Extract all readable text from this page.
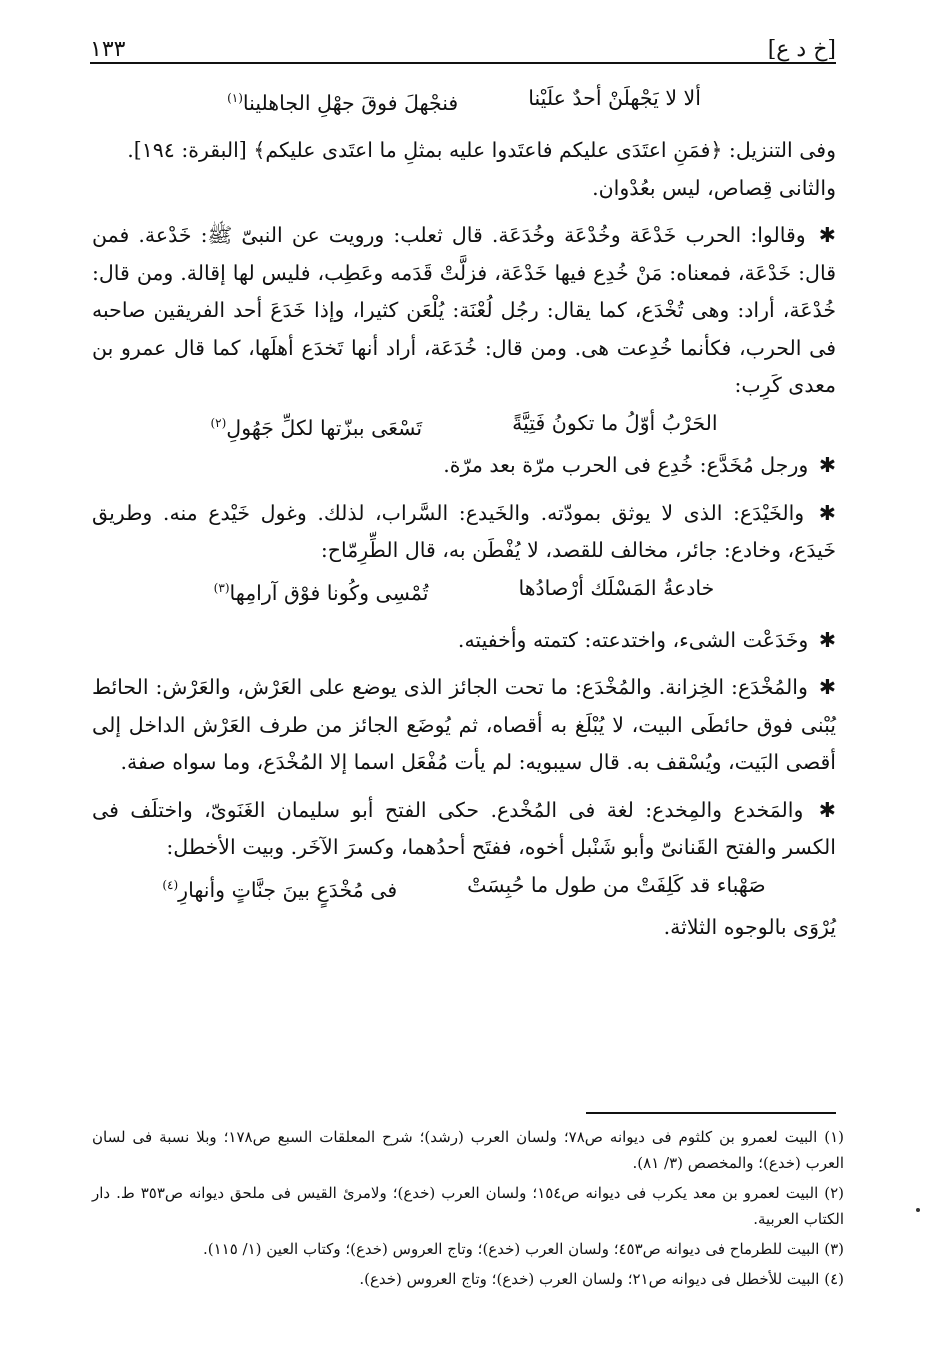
[خ د ع]
١٣٣
ألا لا يَجْهلَنْ أحدٌ علَيْنا
فنجْهلَ فوقَ جهْلِ الجاهلينا$^{(١)}$

وفى التنزيل: ﴿فمَنِ اعتَدَى عليكم فاعتَدوا عليه بمثلِ ما اعتَدى عليكم﴾ [البقرة: ١٩٤].

والثانى قِصاص، ليس بعُدْوان.

✱ وقالوا: الحرب خَدْعَة وخُدْعَة وخُدَعَة. قال ثعلب: ورويت عن النبىّ ﷺ: خَدْعة. فمن قال: خَدْعَة، فمعناه: مَنْ خُدِع فيها خَدْعَة، فزلَّتْ قَدَمه وعَطِب، فليس لها إقالة. ومن قال: خُدْعَة، أراد: وهى تُخْدَع، كما يقال: رجُل لُعْنَة: يُلْعَن كثيرا، وإذا خَدَعَ أحد الفريقين صاحبه فى الحرب، فكأنما خُدِعت هى. ومن قال: خُدَعَة، أراد أنها تَخدَع أهلَها، كما قال عمرو بن معدى كَرِب:

الحَرْبُ أوّلُ ما تكونُ فَتِيَّةً
تَسْعَى ببزّتها لكلِّ جَهُولِ$^{(٢)}$

✱ ورجل مُخَدَّع: خُدِع فى الحرب مرّة بعد مرّة.

✱ والخَيْدَع: الذى لا يوثق بمودّته. والخَيدع: السَّراب، لذلك. وغول خَيْدع منه. وطريق خَيدَع، وخادع: جائر، مخالف للقصد، لا يُفْطَن به، قال الطِّرِمّاح:

خادعةُ المَسْلَك أرْصادُها
تُمْسِى وكُونا فوْق آرامِها$^{(٣)}$

✱ وخَدَعْت الشىء، واختدعته: كتمته وأخفيته.

✱ والمُخْدَع: الخِزانة. والمُخْدَع: ما تحت الجائز الذى يوضع على العَرْش، والعَرْش: الحائط يُبْنى فوق حائطَى البيت، لا يُبْلَغ به أقصاه، ثم يُوضَع الجائز من طرف العَرْش الداخل إلى أقصى البَيت، ويُسْقف به. قال سيبويه: لم يأت مُفْعَل اسما إلا المُخْدَع، وما سواه صفة.

✱ والمَخدع والمِخدع: لغة فى المُخْدع. حكى الفتح أبو سليمان الغَنَوىّ، واختلَف فى الكسر والفتح القَنانىّ وأبو شَنْبل أخوه، ففتَح أحدُهما، وكسرَ الآخَر. وبيت الأخطل:

صَهْباء قد كَلِفَتْ من طول ما حُبِسَتْ
فى مُخْدَعٍ بينَ جنَّاتٍ وأنهارِ$^{(٤)}$

يُرْوَى بالوجوه الثلاثة.

(١) البيت لعمرو بن كلثوم فى ديوانه ص٧٨؛ ولسان العرب (رشد)؛ شرح المعلقات السبع ص١٧٨؛ وبلا نسبة فى لسان العرب (خدع)؛ والمخصص (٣/ ٨١).

(٢) البيت لعمرو بن معد يكرب فى ديوانه ص١٥٤؛ ولسان العرب (خدع)؛ ولامرئ القيس فى ملحق ديوانه ص٣٥٣ ط. دار الكتاب العربية.

(٣) البيت للطرماح فى ديوانه ص٤٥٣؛ ولسان العرب (خدع)؛ وتاج العروس (خدع)؛ وكتاب العين (١/ ١١٥).

(٤) البيت للأخطل فى ديوانه ص٢١؛ ولسان العرب (خدع)؛ وتاج العروس (خدع).
